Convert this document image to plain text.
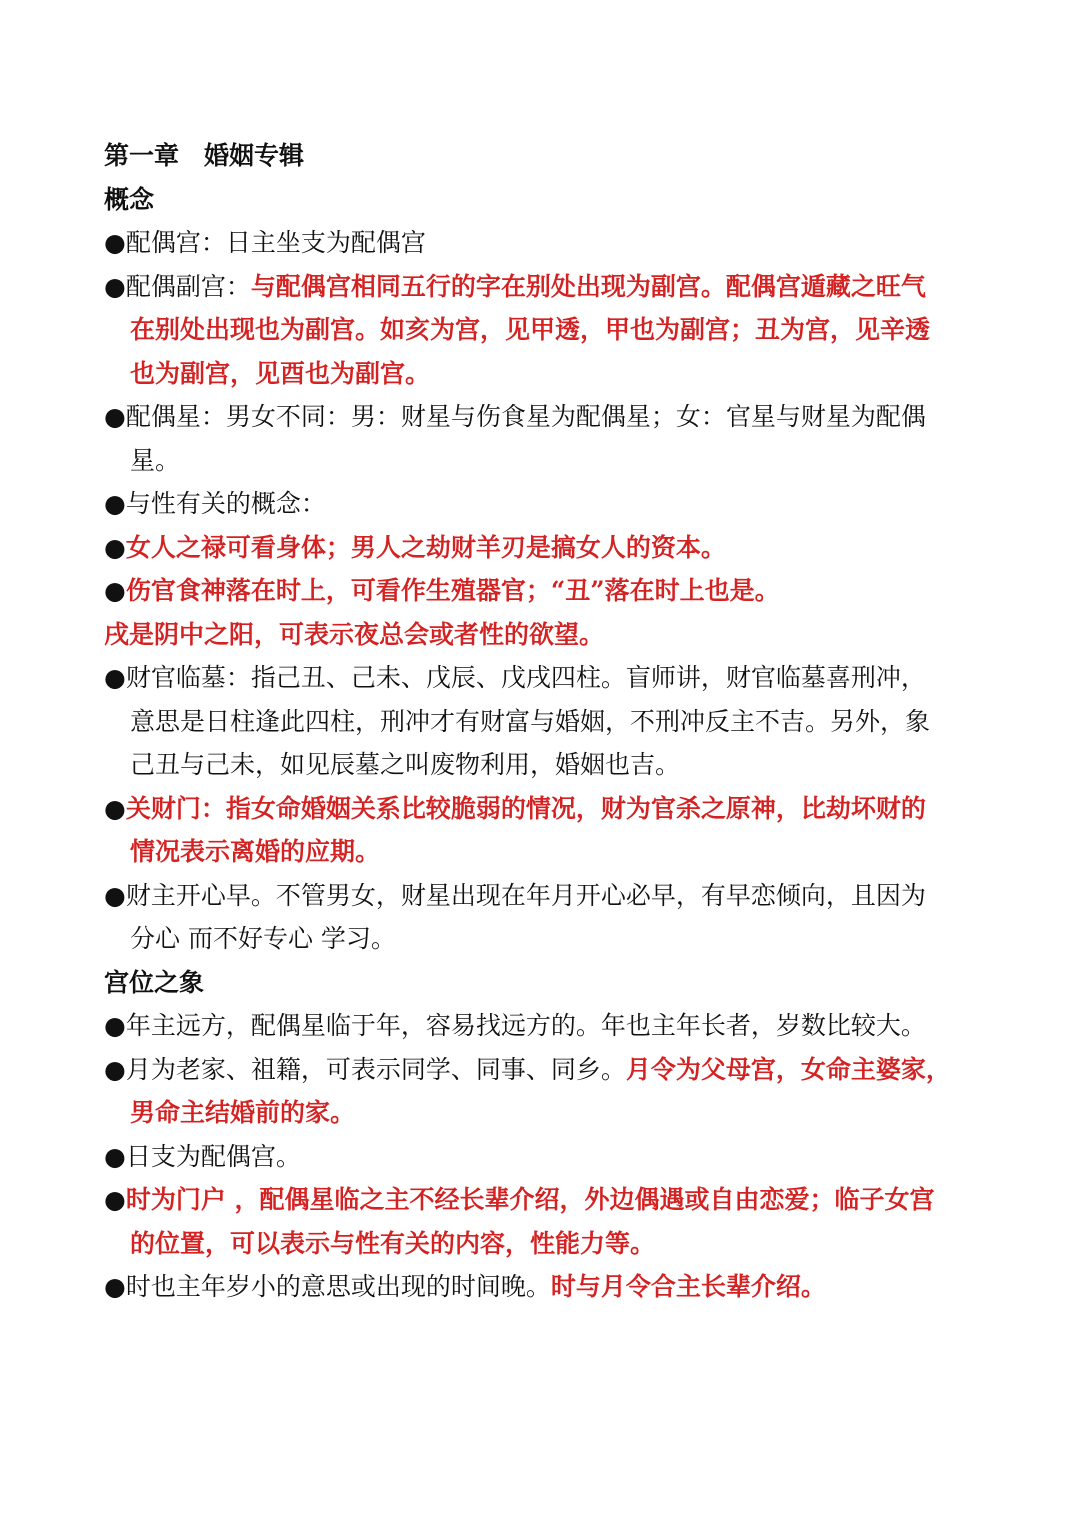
第一章　婚姻专辑
概念
●配偶宫：日主坐支为配偶宫
●配偶副宫：与配偶宫相同五行的字在别处出现为副宫。配偶宫遁藏之旺气
在别处出现也为副宫。如亥为宫，见甲透，甲也为副宫；丑为宫，见辛透
也为副宫，见酉也为副宫。
●配偶星：男女不同：男：财星与伤食星为配偶星；女：官星与财星为配偶
星。
●与性有关的概念：
●女人之禄可看身体；男人之劫财羊刃是搞女人的资本。
●伤官食神落在时上，可看作生殖器官；“丑”落在时上也是。
戌是阴中之阳，可表示夜总会或者性的欲望。
●财官临墓：指己丑、己未、戊辰、戊戌四柱。盲师讲，财官临墓喜刑冲，
意思是日柱逢此四柱，刑冲才有财富与婚姻，不刑冲反主不吉。另外，象
己丑与己未，如见辰墓之叫废物利用，婚姻也吉。
●关财门：指女命婚姻关系比较脆弱的情况，财为官杀之原神，比劫坏财的
情况表示离婚的应期。
●财主开心早。不管男女，财星出现在年月开心必早，有早恋倾向，且因为
分心 而不好专心 学习。
宫位之象
●年主远方，配偶星临于年，容易找远方的。年也主年长者，岁数比较大。
●月为老家、祖籍，可表示同学、同事、同乡。月令为父母宫，女命主婆家，
男命主结婚前的家。
●日支为配偶宫。
●时为门户 ，配偶星临之主不经长辈介绍，外边偶遇或自由恋爱；临子女宫
的位置，可以表示与性有关的内容，性能力等。
●时也主年岁小的意思或出现的时间晚。时与月令合主长辈介绍。
